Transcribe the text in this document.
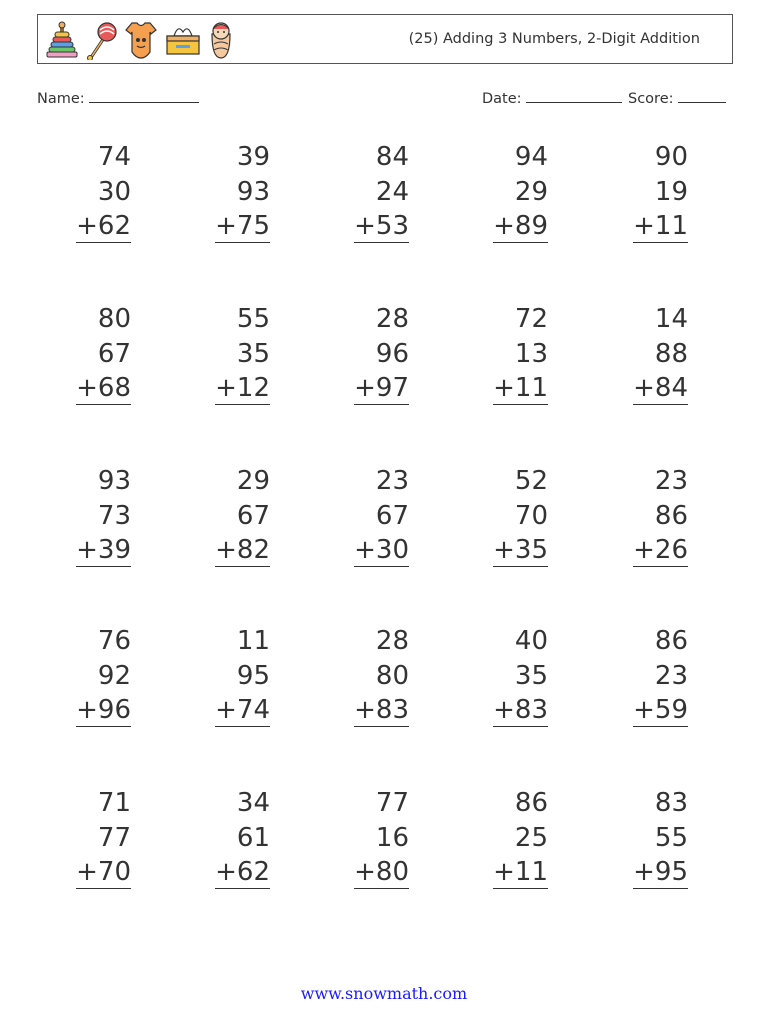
(25) Adding 3 Numbers, 2-Digit Addition
Name:	Date:	Score:
74
30
+62
39
93
+75
84
24
+53
94
29
+89
90
19
+11
80
67
+68
55
35
+12
28
96
+97
72
13
+11
14
88
+84
93
73
+39
29
67
+82
23
67
+30
52
70
+35
23
86
+26
76
92
+96
11
95
+74
28
80
+83
40
35
+83
86
23
+59
71
77
+70
34
61
+62
77
16
+80
86
25
+11
83
55
+95
www.snowmath.com
